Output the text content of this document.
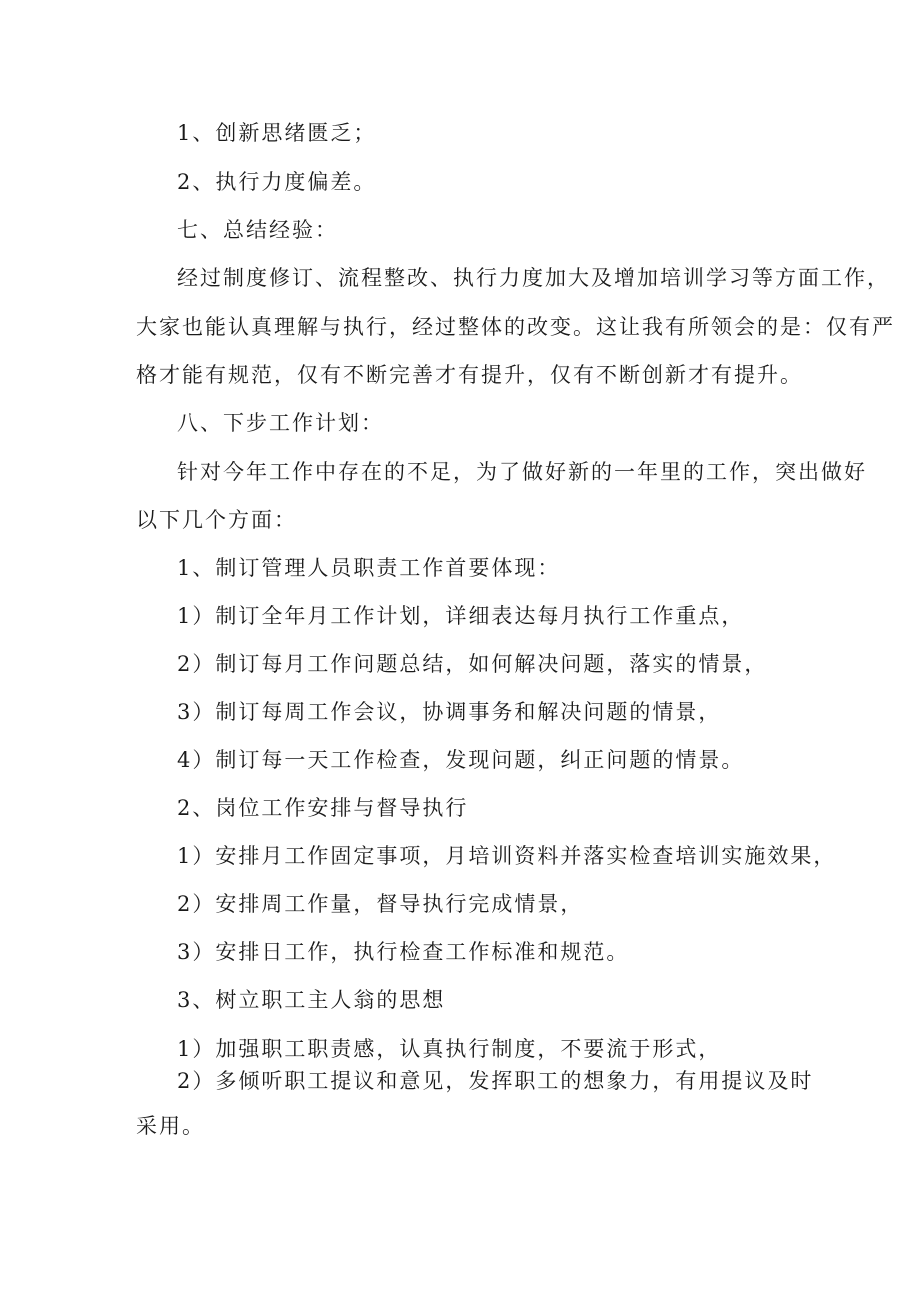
1、创新思绪匮乏；
2、执行力度偏差。
七、总结经验：
经过制度修订、流程整改、执行力度加大及增加培训学习等方面工作，
大家也能认真理解与执行，经过整体的改变。这让我有所领会的是：仅有严
格才能有规范，仅有不断完善才有提升，仅有不断创新才有提升。
八、下步工作计划：
针对今年工作中存在的不足，为了做好新的一年里的工作，突出做好
以下几个方面：
1、制订管理人员职责工作首要体现：
1）制订全年月工作计划，详细表达每月执行工作重点，
2）制订每月工作问题总结，如何解决问题，落实的情景，
3）制订每周工作会议，协调事务和解决问题的情景，
4）制订每一天工作检查，发现问题，纠正问题的情景。
2、岗位工作安排与督导执行
1）安排月工作固定事项，月培训资料并落实检查培训实施效果，
2）安排周工作量，督导执行完成情景，
3）安排日工作，执行检查工作标准和规范。
3、树立职工主人翁的思想
1）加强职工职责感，认真执行制度，不要流于形式，
2）多倾听职工提议和意见，发挥职工的想象力，有用提议及时
采用。
